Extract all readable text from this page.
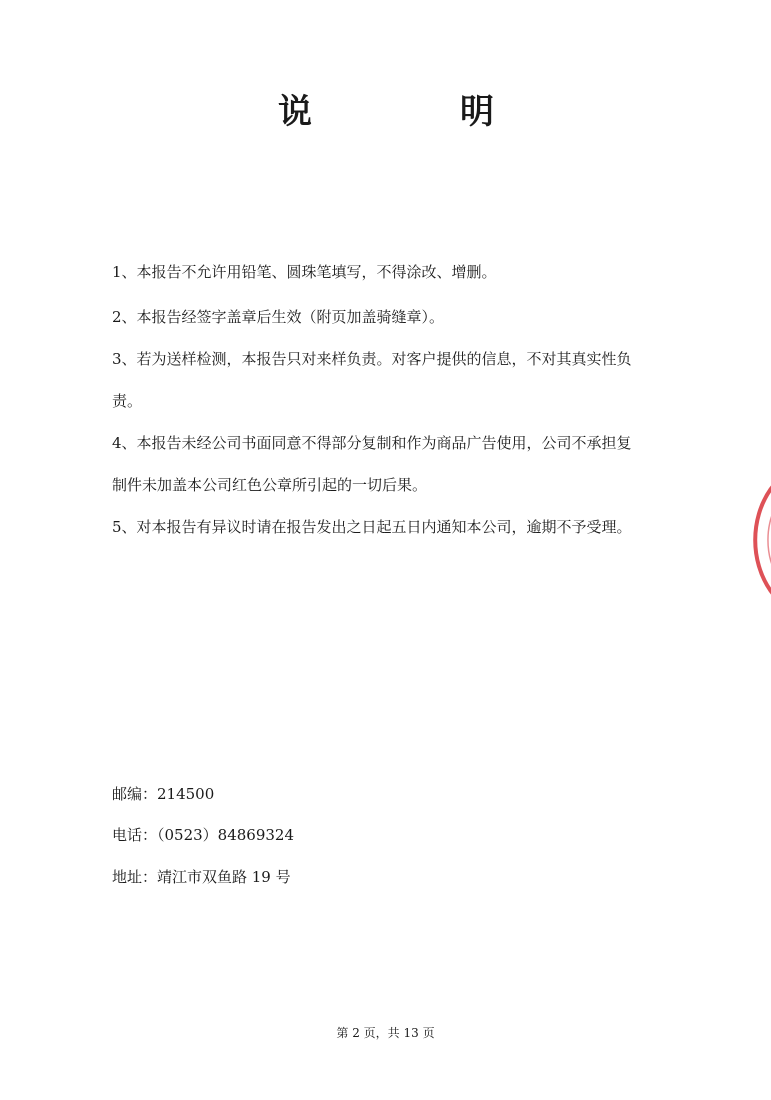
说	明
1、本报告不允许用铅笔、圆珠笔填写，不得涂改、增删。
2、本报告经签字盖章后生效（附页加盖骑缝章）。
3、若为送样检测，本报告只对来样负责。对客户提供的信息，不对其真实性负
责。
4、本报告未经公司书面同意不得部分复制和作为商品广告使用，公司不承担复
制件未加盖本公司红色公章所引起的一切后果。
5、对本报告有异议时请在报告发出之日起五日内通知本公司，逾期不予受理。
邮编：214500
电话：（0523）84869324
地址：靖江市双鱼路 19 号
第 2 页，共 13 页
